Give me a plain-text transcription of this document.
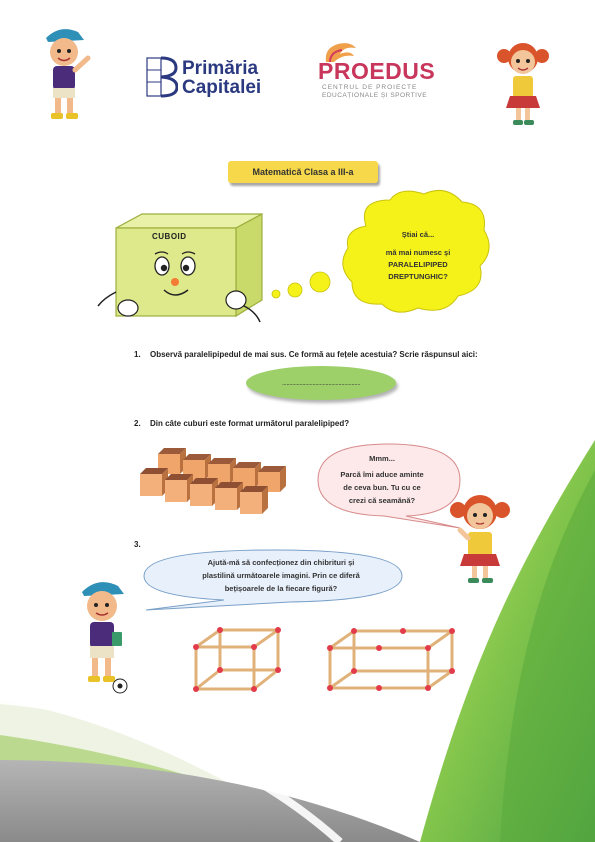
Primăria
Capitalei
PROEDUS
CENTRUL DE PROIECTE
EDUCAȚIONALE ȘI SPORTIVE
Matematică Clasa a III-a
CUBOID	Știai că...
mă mai numesc și
PARALELIPIPED
DREPTUNGHIC?
1. Observă paralelipipedul de mai sus. Ce formă au fețele acestuia? Scrie răspunsul aici:
......................................................
2. Din câte cuburi este format următorul paralelipiped?
Mmm...
Parcă îmi aduce aminte
de ceva bun. Tu cu ce
crezi că seamănă?
3.
Ajută-mă să confecționez din chibrituri și
plastilină următoarele imagini. Prin ce diferă
bețișoarele de la fiecare figură?
